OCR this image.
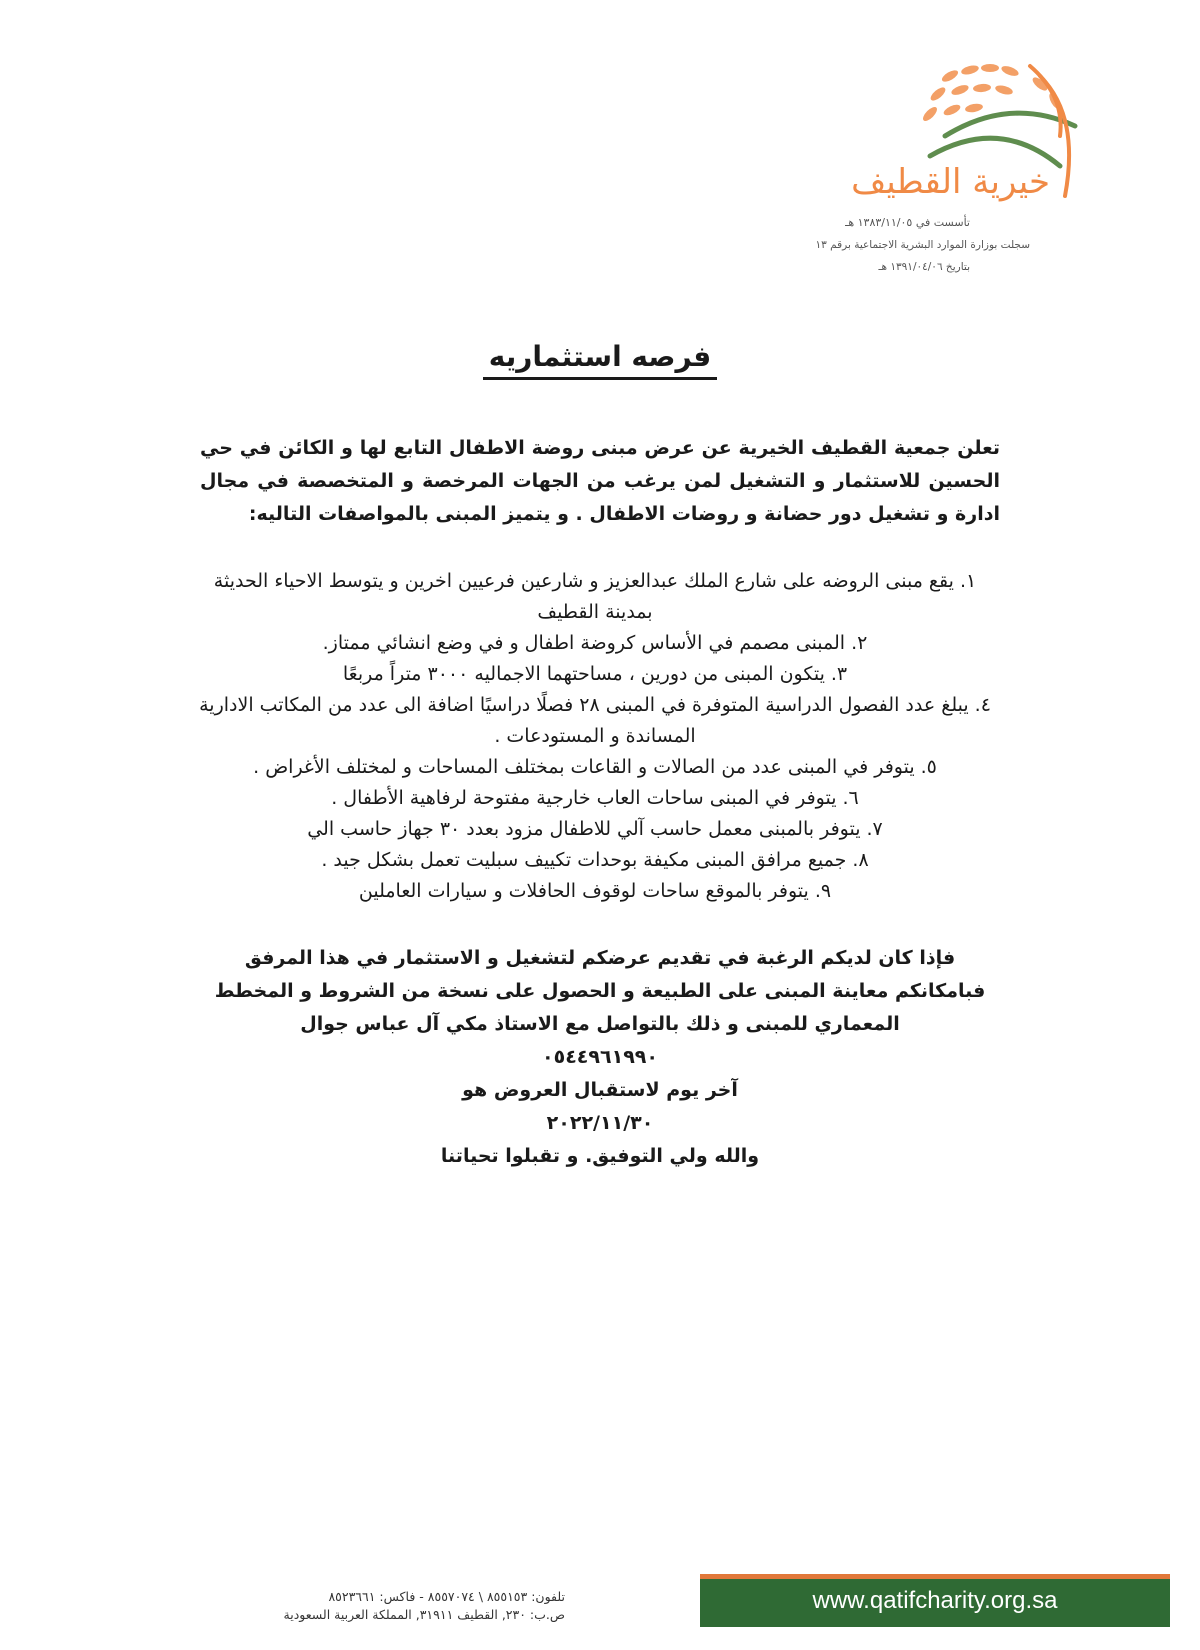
خيرية القطيف
تأسست في ١٣٨٣/١١/٠٥ هـ
سجلت بوزارة الموارد البشرية الاجتماعية برقم ١٣
بتاريخ ١٣٩١/٠٤/٠٦ هـ
فرصه استثماريه
تعلن جمعية القطيف الخيرية عن عرض مبنى روضة الاطفال التابع لها و الكائن في حي الحسين للاستثمار و التشغيل لمن يرغب من الجهات المرخصة و المتخصصة في مجال ادارة و تشغيل دور حضانة و روضات الاطفال . و يتميز المبنى بالمواصفات التاليه:
١.يقع مبنى الروضه على شارع الملك عبدالعزيز و شارعين فرعيين اخرين و يتوسط الاحياء الحديثة بمدينة القطيف
٢.المبنى مصمم في الأساس كروضة اطفال و في وضع انشائي ممتاز.
٣.يتكون المبنى من دورين ، مساحتهما الاجماليه ٣٠٠٠ متراً مربعًا
٤.يبلغ عدد الفصول الدراسية المتوفرة في المبنى ٢٨ فصلًا دراسيًا اضافة الى عدد من المكاتب الادارية المساندة و المستودعات .
٥.يتوفر في المبنى عدد من الصالات و القاعات بمختلف المساحات و لمختلف الأغراض .
٦.يتوفر في المبنى ساحات العاب خارجية مفتوحة لرفاهية الأطفال .
٧.يتوفر بالمبنى معمل حاسب آلي للاطفال مزود بعدد ٣٠ جهاز حاسب الي
٨.جميع مرافق المبنى مكيفة بوحدات تكييف سبليت تعمل بشكل جيد .
٩.يتوفر بالموقع ساحات لوقوف الحافلات و سيارات العاملين
فإذا كان لديكم الرغبة في تقديم عرضكم لتشغيل و الاستثمار في هذا المرفق فبامكانكم معاينة المبنى على الطبيعة و الحصول على نسخة من الشروط و المخطط المعماري للمبنى و ذلك بالتواصل مع الاستاذ مكي آل عباس جوال
٠٥٤٤٩٦١٩٩٠
آخر يوم لاستقبال العروض هو
٢٠٢٢/١١/٣٠
والله ولي التوفيق. و تقبلوا تحياتنا
تلفون: ٨٥٥١٥٣ \ ٨٥٥٧٠٧٤ - فاكس: ٨٥٢٣٦٦١
ص.ب: ٢٣٠, القطيف ٣١٩١١, المملكة العربية السعودية
www.qatifcharity.org.sa
